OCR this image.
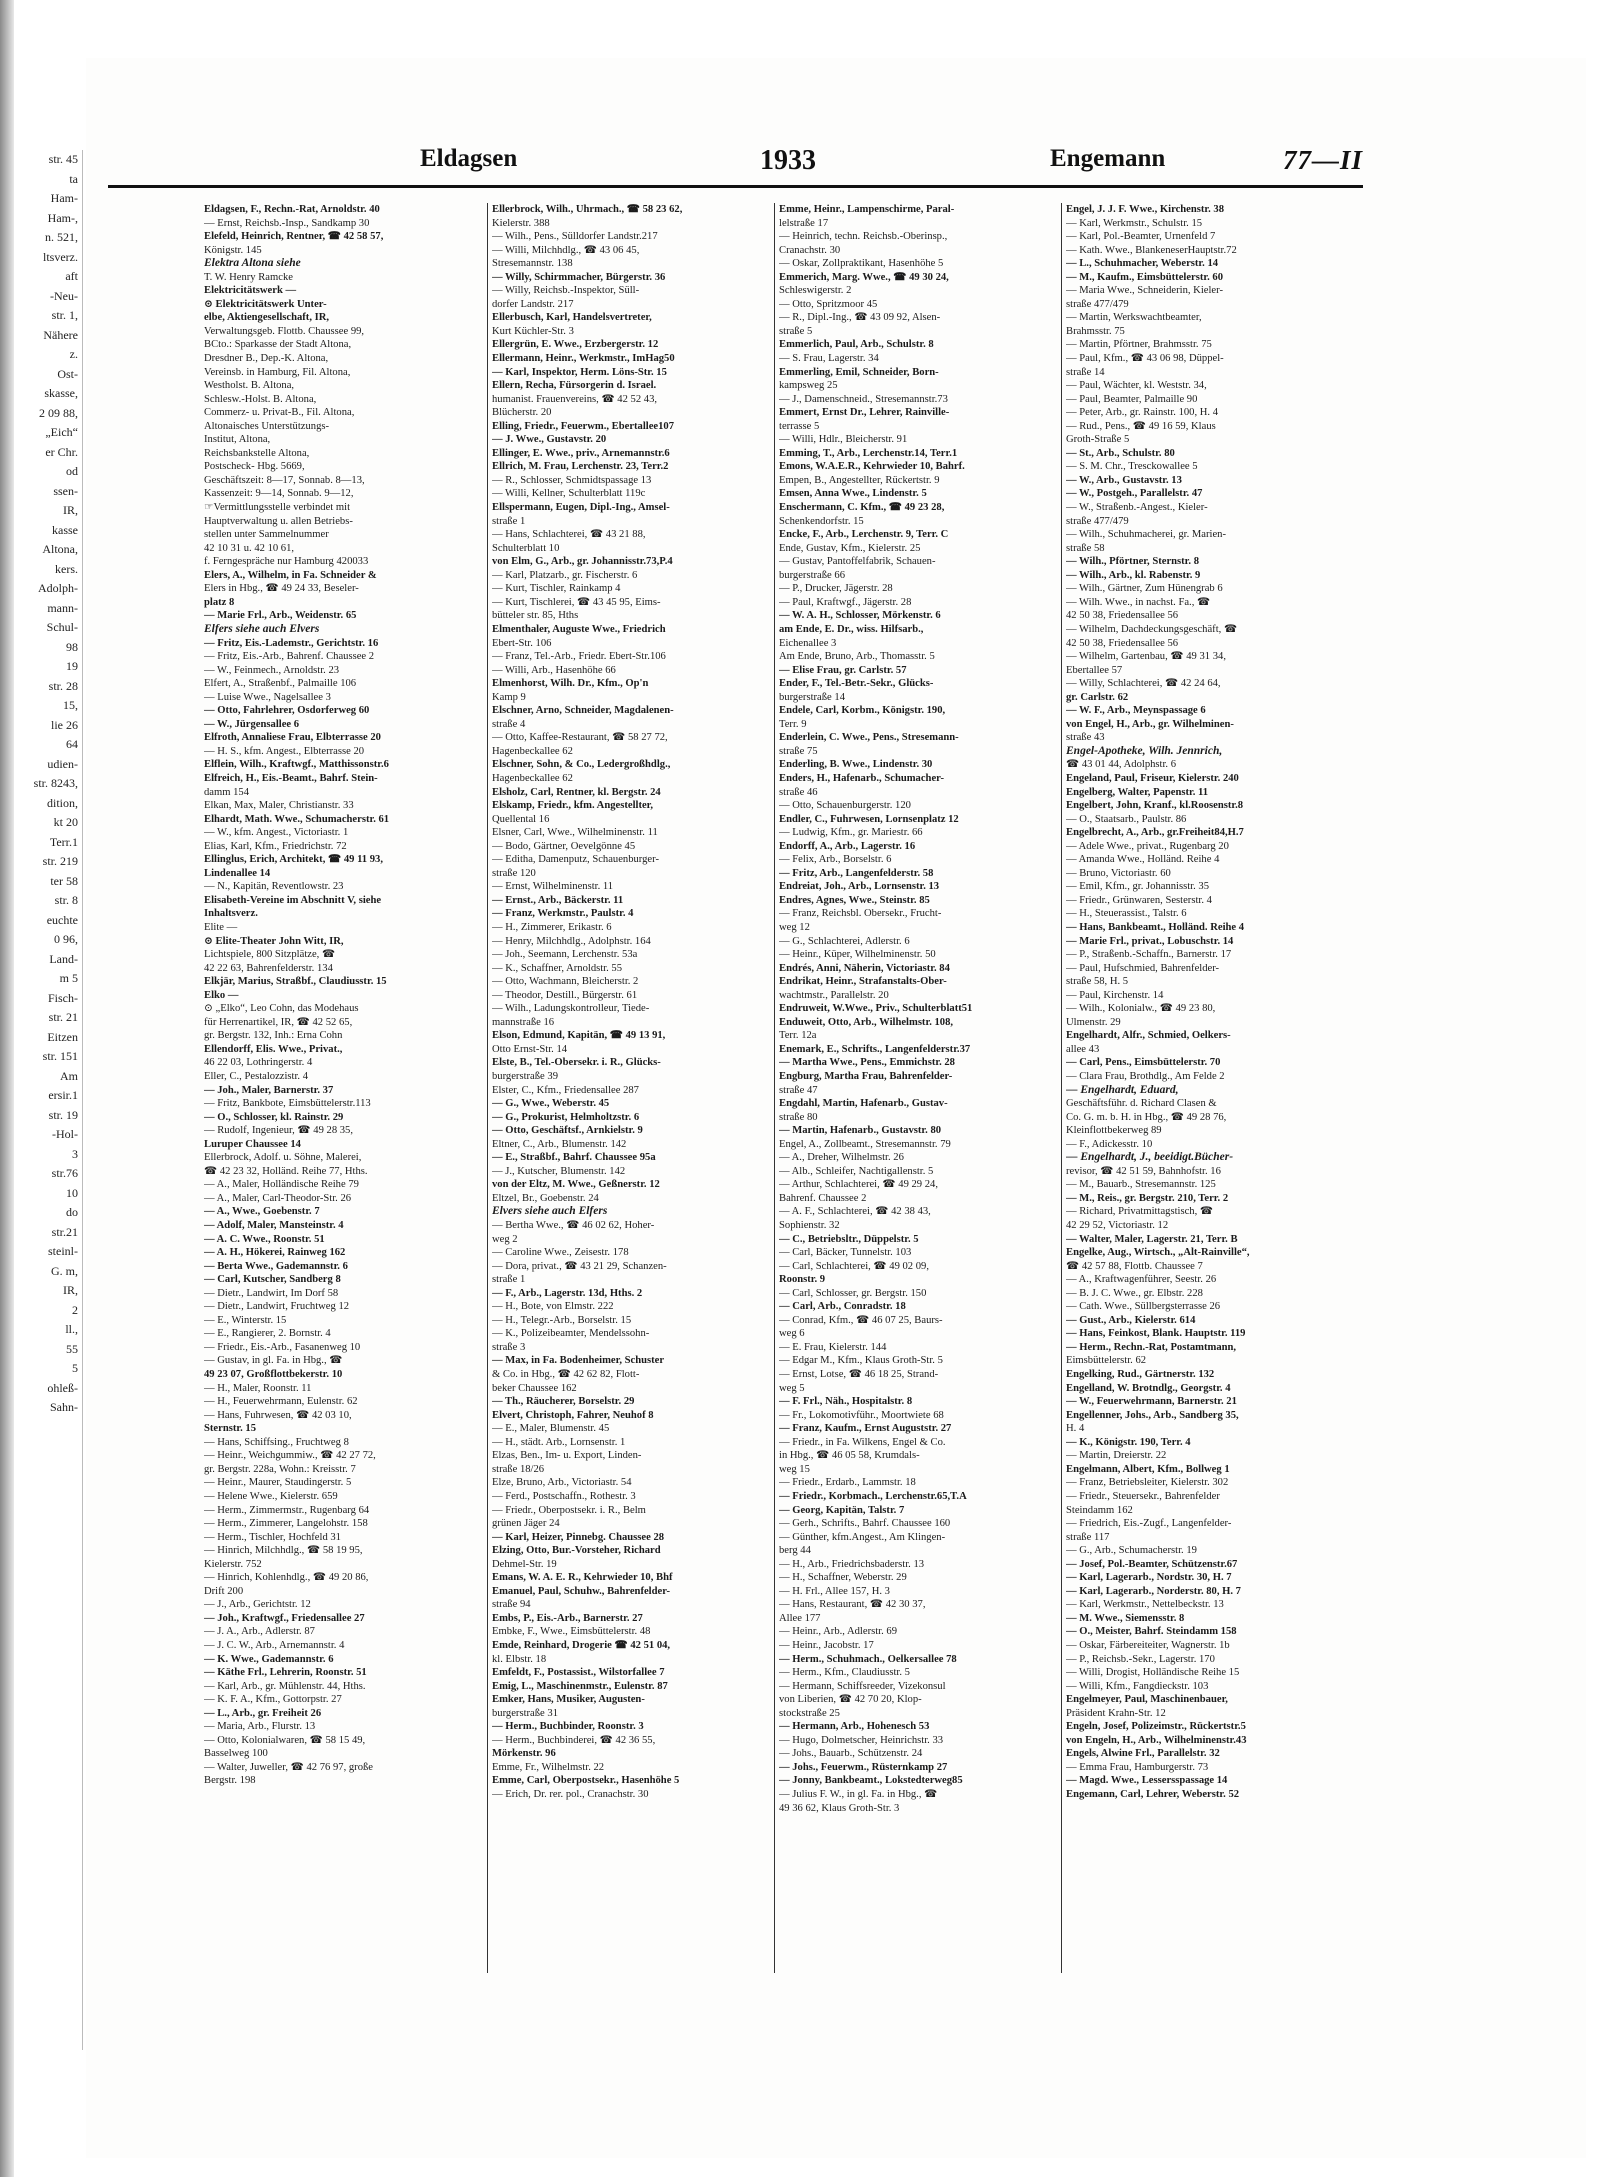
str. 45
ta
Ham-
Ham-,
n. 521,
ltsverz.
aft
-Neu-
str. 1,
Nähere
z.
Ost-
skasse,
2 09 88,
„Eich“
er Chr.
od
ssen-
IR,
kasse
Altona,
kers.
Adolph-
mann-
Schul-
98
19
str. 28
15,
lie 26
64
udien-
str. 8243,
dition,
kt 20
Terr.1
str. 219
ter 58
str. 8
euchte
0 96,
Land-
m 5
Fisch-
str. 21
Eitzen
str. 151
Am
ersir.1
str. 19
-Hol-
3
str.76
10
do
str.21
steinl-
G. m,
IR,
2
ll.,
55
5
ohleß-
Sahn-
Eldagsen	1933	Engemann	77—II
Eldagsen, F., Rechn.-Rat, Arnoldstr. 40
— Ernst, Reichsb.-Insp., Sandkamp 30
Elefeld, Heinrich, Rentner, ☎ 42 58 57,
Königstr. 145
Elektra Altona siehe
T. W. Henry Ramcke
Elektricitätswerk —
⊙ Elektricitätswerk Unter-
elbe, Aktiengesellschaft, IR,
Verwaltungsgeb. Flottb. Chaussee 99,
BCto.: Sparkasse der Stadt Altona,
Dresdner B., Dep.-K. Altona,
Vereinsb. in Hamburg, Fil. Altona,
Westholst. B. Altona,
Schlesw.-Holst. B. Altona,
Commerz- u. Privat-B., Fil. Altona,
Altonaisches Unterstützungs-
Institut, Altona,
Reichsbankstelle Altona,
Postscheck- Hbg. 5669,
Geschäftszeit: 8—17, Sonnab. 8—13,
Kassenzeit: 9—14, Sonnab. 9—12,
☞Vermittlungsstelle verbindet mit
Hauptverwaltung u. allen Betriebs-
stellen unter Sammelnummer
42 10 31 u. 42 10 61,
f. Ferngespräche nur Hamburg 420033
Elers, A., Wilhelm, in Fa. Schneider &
Elers in Hbg., ☎ 49 24 33, Beseler-
platz 8
— Marie Frl., Arb., Weidenstr. 65
Elfers siehe auch Elvers
— Fritz, Eis.-Lademstr., Gerichtstr. 16
— Fritz, Eis.-Arb., Bahrenf. Chaussee 2
— W., Feinmech., Arnoldstr. 23
Elfert, A., Straßenbf., Palmaille 106
— Luise Wwe., Nagelsallee 3
— Otto, Fahrlehrer, Osdorferweg 60
— W., Jürgensallee 6
Elfroth, Annaliese Frau, Elbterrasse 20
— H. S., kfm. Angest., Elbterrasse 20
Elflein, Wilh., Kraftwgf., Matthissonstr.6
Elfreich, H., Eis.-Beamt., Bahrf. Stein-
damm 154
Elkan, Max, Maler, Christianstr. 33
Elhardt, Math. Wwe., Schumacherstr. 61
— W., kfm. Angest., Victoriastr. 1
Elias, Karl, Kfm., Friedrichstr. 72
Ellinglus, Erich, Architekt, ☎ 49 11 93,
Lindenallee 14
— N., Kapitän, Reventlowstr. 23
Elisabeth-Vereine im Abschnitt V, siehe
Inhaltsverz.
Elite —
⊙ Elite-Theater John Witt, IR,
Lichtspiele, 800 Sitzplätze, ☎
42 22 63, Bahrenfelderstr. 134
Elkjär, Marius, Straßbf., Claudiusstr. 15
Elko —
⊙ „Elko“, Leo Cohn, das Modehaus
für Herrenartikel, IR, ☎ 42 52 65,
gr. Bergstr. 132, Inh.: Erna Cohn
Ellendorff, Elis. Wwe., Privat.,
46 22 03, Lothringerstr. 4
Eller, C., Pestalozzistr. 4
— Joh., Maler, Barnerstr. 37
— Fritz, Bankbote, Eimsbüttelerstr.113
— O., Schlosser, kl. Rainstr. 29
— Rudolf, Ingenieur, ☎ 49 28 35,
Luruper Chaussee 14
Ellerbrock, Adolf. u. Söhne, Malerei,
☎ 42 23 32, Holländ. Reihe 77, Hths.
— A., Maler, Holländische Reihe 79
— A., Maler, Carl-Theodor-Str. 26
— A., Wwe., Goebenstr. 7
— Adolf, Maler, Mansteinstr. 4
— A. C. Wwe., Roonstr. 51
— A. H., Hökerei, Rainweg 162
— Berta Wwe., Gademannstr. 6
— Carl, Kutscher, Sandberg 8
— Dietr., Landwirt, Im Dorf 58
— Dietr., Landwirt, Fruchtweg 12
— E., Winterstr. 15
— E., Rangierer, 2. Bornstr. 4
— Friedr., Eis.-Arb., Fasanenweg 10
— Gustav, in gl. Fa. in Hbg., ☎
49 23 07, Großflottbekerstr. 10
— H., Maler, Roonstr. 11
— H., Feuerwehrmann, Eulenstr. 62
— Hans, Fuhrwesen, ☎ 42 03 10,
Sternstr. 15
— Hans, Schiffsing., Fruchtweg 8
— Heinr., Weichgummiw., ☎ 42 27 72,
gr. Bergstr. 228a, Wohn.: Kreisstr. 7
— Heinr., Maurer, Staudingerstr. 5
— Helene Wwe., Kielerstr. 659
— Herm., Zimmermstr., Rugenbarg 64
— Herm., Zimmerer, Langelohstr. 158
— Herm., Tischler, Hochfeld 31
— Hinrich, Milchhdlg., ☎ 58 19 95,
Kielerstr. 752
— Hinrich, Kohlenhdlg., ☎ 49 20 86,
Drift 200
— J., Arb., Gerichtstr. 12
— Joh., Kraftwgf., Friedensallee 27
— J. A., Arb., Adlerstr. 87
— J. C. W., Arb., Arnemannstr. 4
— K. Wwe., Gademannstr. 6
— Käthe Frl., Lehrerin, Roonstr. 51
— Karl, Arb., gr. Mühlenstr. 44, Hths.
— K. F. A., Kfm., Gottorpstr. 27
— L., Arb., gr. Freiheit 26
— Maria, Arb., Flurstr. 13
— Otto, Kolonialwaren, ☎ 58 15 49,
Basselweg 100
— Walter, Juweller, ☎ 42 76 97, große
Bergstr. 198
Ellerbrock, Wilh., Uhrmach., ☎ 58 23 62,
Kielerstr. 388
— Wilh., Pens., Sülldorfer Landstr.217
— Willi, Milchhdlg., ☎ 43 06 45,
Stresemannstr. 138
— Willy, Schirmmacher, Bürgerstr. 36
— Willy, Reichsb.-Inspektor, Süll-
dorfer Landstr. 217
Ellerbusch, Karl, Handelsvertreter,
Kurt Küchler-Str. 3
Ellergrün, E. Wwe., Erzbergerstr. 12
Ellermann, Heinr., Werkmstr., ImHag50
— Karl, Inspektor, Herm. Löns-Str. 15
Ellern, Recha, Fürsorgerin d. Israel.
humanist. Frauenvereins, ☎ 42 52 43,
Blücherstr. 20
Elling, Friedr., Feuerwm., Ebertallee107
— J. Wwe., Gustavstr. 20
Ellinger, E. Wwe., priv., Arnemannstr.6
Ellrich, M. Frau, Lerchenstr. 23, Terr.2
— R., Schlosser, Schmidtspassage 13
— Willi, Kellner, Schulterblatt 119c
Ellspermann, Eugen, Dipl.-Ing., Amsel-
straße 1
— Hans, Schlachterei, ☎ 43 21 88,
Schulterblatt 10
von Elm, G., Arb., gr. Johannisstr.73,P.4
— Karl, Platzarb., gr. Fischerstr. 6
— Kurt, Tischler, Rainkamp 4
— Kurt, Tischlerei, ☎ 43 45 95, Eims-
bütteler str. 85, Hths
Elmenthaler, Auguste Wwe., Friedrich
Ebert-Str. 106
— Franz, Tel.-Arb., Friedr. Ebert-Str.106
— Willi, Arb., Hasenhöhe 66
Elmenhorst, Wilh. Dr., Kfm., Op'n
Kamp 9
Elschner, Arno, Schneider, Magdalenen-
straße 4
— Otto, Kaffee-Restaurant, ☎ 58 27 72,
Hagenbeckallee 62
Elschner, Sohn, & Co., Ledergroßhdlg.,
Hagenbeckallee 62
Elsholz, Carl, Rentner, kl. Bergstr. 24
Elskamp, Friedr., kfm. Angestellter,
Quellental 16
Elsner, Carl, Wwe., Wilhelminenstr. 11
— Bodo, Gärtner, Oevelgönne 45
— Editha, Damenputz, Schauenburger-
straße 120
— Ernst, Wilhelminenstr. 11
— Ernst., Arb., Bäckerstr. 11
— Franz, Werkmstr., Paulstr. 4
— H., Zimmerer, Erikastr. 6
— Henry, Milchhdlg., Adolphstr. 164
— Joh., Seemann, Lerchenstr. 53a
— K., Schaffner, Arnoldstr. 55
— Otto, Wachmann, Bleicherstr. 2
— Theodor, Destill., Bürgerstr. 61
— Wilh., Ladungskontrolleur, Tiede-
mannstraße 16
Elson, Edmund, Kapitän, ☎ 49 13 91,
Otto Ernst-Str. 14
Elste, B., Tel.-Obersekr. i. R., Glücks-
burgerstraße 39
Elster, C., Kfm., Friedensallee 287
— G., Wwe., Weberstr. 45
— G., Prokurist, Helmholtzstr. 6
— Otto, Geschäftsf., Arnkielstr. 9
Eltner, C., Arb., Blumenstr. 142
— E., Straßbf., Bahrf. Chaussee 95a
— J., Kutscher, Blumenstr. 142
von der Eltz, M. Wwe., Geßnerstr. 12
Eltzel, Br., Goebenstr. 24
Elvers siehe auch Elfers
— Bertha Wwe., ☎ 46 02 62, Hoher-
weg 2
— Caroline Wwe., Zeisestr. 178
— Dora, privat., ☎ 43 21 29, Schanzen-
straße 1
— F., Arb., Lagerstr. 13d, Hths. 2
— H., Bote, von Elmstr. 222
— H., Telegr.-Arb., Borselstr. 15
— K., Polizeibeamter, Mendelssohn-
straße 3
— Max, in Fa. Bodenheimer, Schuster
& Co. in Hbg., ☎ 42 62 82, Flott-
beker Chaussee 162
— Th., Räucherer, Borselstr. 29
Elvert, Christoph, Fahrer, Neuhof 8
— E., Maler, Blumenstr. 45
— H., städt. Arb., Lornsenstr. 1
Elzas, Ben., Im- u. Export, Linden-
straße 18/26
Elze, Bruno, Arb., Victoriastr. 54
— Ferd., Postschaffn., Rothestr. 3
— Friedr., Oberpostsekr. i. R., Belm
grünen Jäger 24
— Karl, Heizer, Pinnebg. Chaussee 28
Elzing, Otto, Bur.-Vorsteher, Richard
Dehmel-Str. 19
Emans, W. A. E. R., Kehrwieder 10, Bhf
Emanuel, Paul, Schuhw., Bahrenfelder-
straße 94
Embs, P., Eis.-Arb., Barnerstr. 27
Embke, F., Wwe., Eimsbüttelerstr. 48
Emde, Reinhard, Drogerie ☎ 42 51 04,
kl. Elbstr. 18
Emfeldt, F., Postassist., Wilstorfallee 7
Emig, L., Maschinenmstr., Eulenstr. 87
Emker, Hans, Musiker, Augusten-
burgerstraße 31
— Herm., Buchbinder, Roonstr. 3
— Herm., Buchbinderei, ☎ 42 36 55,
Mörkenstr. 96
Emme, Fr., Wilhelmstr. 22
Emme, Carl, Oberpostsekr., Hasenhöhe 5
— Erich, Dr. rer. pol., Cranachstr. 30
Emme, Heinr., Lampenschirme, Paral-
lelstraße 17
— Heinrich, techn. Reichsb.-Oberinsp.,
Cranachstr. 30
— Oskar, Zollpraktikant, Hasenhöhe 5
Emmerich, Marg. Wwe., ☎ 49 30 24,
Schleswigerstr. 2
— Otto, Spritzmoor 45
— R., Dipl.-Ing., ☎ 43 09 92, Alsen-
straße 5
Emmerlich, Paul, Arb., Schulstr. 8
— S. Frau, Lagerstr. 34
Emmerling, Emil, Schneider, Born-
kampsweg 25
— J., Damenschneid., Stresemannstr.73
Emmert, Ernst Dr., Lehrer, Rainville-
terrasse 5
— Willi, Hdlr., Bleicherstr. 91
Emming, T., Arb., Lerchenstr.14, Terr.1
Emons, W.A.E.R., Kehrwieder 10, Bahrf.
Empen, B., Angestellter, Rückertstr. 9
Emsen, Anna Wwe., Lindenstr. 5
Enschermann, C. Kfm., ☎ 49 23 28,
Schenkendorfstr. 15
Encke, F., Arb., Lerchenstr. 9, Terr. C
Ende, Gustav, Kfm., Kielerstr. 25
— Gustav, Pantoffelfabrik, Schauen-
burgerstraße 66
— P., Drucker, Jägerstr. 28
— Paul, Kraftwgf., Jägerstr. 28
— W. A. H., Schlosser, Mörkenstr. 6
am Ende, E. Dr., wiss. Hilfsarb.,
Eichenallee 3
Am Ende, Bruno, Arb., Thomasstr. 5
— Elise Frau, gr. Carlstr. 57
Ender, F., Tel.-Betr.-Sekr., Glücks-
burgerstraße 14
Endele, Carl, Korbm., Königstr. 190,
Terr. 9
Enderlein, C. Wwe., Pens., Stresemann-
straße 75
Enderling, B. Wwe., Lindenstr. 30
Enders, H., Hafenarb., Schumacher-
straße 46
— Otto, Schauenburgerstr. 120
Endler, C., Fuhrwesen, Lornsenplatz 12
— Ludwig, Kfm., gr. Mariestr. 66
Endorff, A., Arb., Lagerstr. 16
— Felix, Arb., Borselstr. 6
— Fritz, Arb., Langenfelderstr. 58
Endreiat, Joh., Arb., Lornsenstr. 13
Endres, Agnes, Wwe., Steinstr. 85
— Franz, Reichsbl. Obersekr., Frucht-
weg 12
— G., Schlachterei, Adlerstr. 6
— Heinr., Küper, Wilhelminenstr. 50
Endrés, Anni, Näherin, Victoriastr. 84
Endrikat, Heinr., Strafanstalts-Ober-
wachtmstr., Parallelstr. 20
Endruweit, W.Wwe., Priv., Schulterblatt51
Enduweit, Otto, Arb., Wilhelmstr. 108,
Terr. 12a
Enemark, E., Schrifts., Langenfelderstr.37
— Martha Wwe., Pens., Emmichstr. 28
Engburg, Martha Frau, Bahrenfelder-
straße 47
Engdahl, Martin, Hafenarb., Gustav-
straße 80
— Martin, Hafenarb., Gustavstr. 80
Engel, A., Zollbeamt., Stresemannstr. 79
— A., Dreher, Wilhelmstr. 26
— Alb., Schleifer, Nachtigallenstr. 5
— Arthur, Schlachterei, ☎ 49 29 24,
Bahrenf. Chaussee 2
— A. F., Schlachterei, ☎ 42 38 43,
Sophienstr. 32
— C., Betriebsltr., Düppelstr. 5
— Carl, Bäcker, Tunnelstr. 103
— Carl, Schlachterei, ☎ 49 02 09,
Roonstr. 9
— Carl, Schlosser, gr. Bergstr. 150
— Carl, Arb., Conradstr. 18
— Conrad, Kfm., ☎ 46 07 25, Baurs-
weg 6
— E. Frau, Kielerstr. 144
— Edgar M., Kfm., Klaus Groth-Str. 5
— Ernst, Lotse, ☎ 46 18 25, Strand-
weg 5
— F. Frl., Näh., Hospitalstr. 8
— Fr., Lokomotivführ., Moortwiete 68
— Franz, Kaufm., Ernst Auguststr. 27
— Friedr., in Fa. Wilkens, Engel & Co.
in Hbg., ☎ 46 05 58, Krumdals-
weg 15
— Friedr., Erdarb., Lammstr. 18
— Friedr., Korbmach., Lerchenstr.65,T.A
— Georg, Kapitän, Talstr. 7
— Gerh., Schrifts., Bahrf. Chaussee 160
— Günther, kfm.Angest., Am Klingen-
berg 44
— H., Arb., Friedrichsbaderstr. 13
— H., Schaffner, Weberstr. 29
— H. Frl., Allee 157, H. 3
— Hans, Restaurant, ☎ 42 30 37,
Allee 177
— Heinr., Arb., Adlerstr. 69
— Heinr., Jacobstr. 17
— Herm., Schuhmach., Oelkersallee 78
— Herm., Kfm., Claudiusstr. 5
— Hermann, Schiffsreeder, Vizekonsul
von Liberien, ☎ 42 70 20, Klop-
stockstraße 25
— Hermann, Arb., Hohenesch 53
— Hugo, Dolmetscher, Heinrichstr. 33
— Johs., Bauarb., Schützenstr. 24
— Johs., Feuerwm., Rüsternkamp 27
— Jonny, Bankbeamt., Lokstedterweg85
— Julius F. W., in gl. Fa. in Hbg., ☎
49 36 62, Klaus Groth-Str. 3
Engel, J. J. F. Wwe., Kirchenstr. 38
— Karl, Werkmstr., Schulstr. 15
— Karl, Pol.-Beamter, Urnenfeld 7
— Kath. Wwe., BlankeneserHauptstr.72
— L., Schuhmacher, Weberstr. 14
— M., Kaufm., Eimsbüttelerstr. 60
— Maria Wwe., Schneiderin, Kieler-
straße 477/479
— Martin, Werkswachtbeamter,
Brahmsstr. 75
— Martin, Pförtner, Brahmsstr. 75
— Paul, Kfm., ☎ 43 06 98, Düppel-
straße 14
— Paul, Wächter, kl. Weststr. 34,
— Paul, Beamter, Palmaille 90
— Peter, Arb., gr. Rainstr. 100, H. 4
— Rud., Pens., ☎ 49 16 59, Klaus
Groth-Straße 5
— St., Arb., Schulstr. 80
— S. M. Chr., Tresckowallee 5
— W., Arb., Gustavstr. 13
— W., Postgeh., Parallelstr. 47
— W., Straßenb.-Angest., Kieler-
straße 477/479
— Wilh., Schuhmacherei, gr. Marien-
straße 58
— Wilh., Pförtner, Sternstr. 8
— Wilh., Arb., kl. Rabenstr. 9
— Wilh., Gärtner, Zum Hünengrab 6
— Wilh. Wwe., in nachst. Fa., ☎
42 50 38, Friedensallee 56
— Wilhelm, Dachdeckungsgeschäft, ☎
42 50 38, Friedensallee 56
— Wilhelm, Gartenbau, ☎ 49 31 34,
Ebertallee 57
— Willy, Schlachterei, ☎ 42 24 64,
gr. Carlstr. 62
— W. F., Arb., Meynspassage 6
von Engel, H., Arb., gr. Wilhelminen-
straße 43
Engel-Apotheke, Wilh. Jennrich,
☎ 43 01 44, Adolphstr. 6
Engeland, Paul, Friseur, Kielerstr. 240
Engelberg, Walter, Papenstr. 11
Engelbert, John, Kranf., kl.Roosenstr.8
— O., Staatsarb., Paulstr. 86
Engelbrecht, A., Arb., gr.Freiheit84,H.7
— Adele Wwe., privat., Rugenbarg 20
— Amanda Wwe., Holländ. Reihe 4
— Bruno, Victoriastr. 60
— Emil, Kfm., gr. Johannisstr. 35
— Friedr., Grünwaren, Sesterstr. 4
— H., Steuerassist., Talstr. 6
— Hans, Bankbeamt., Holländ. Reihe 4
— Marie Frl., privat., Lobuschstr. 14
— P., Straßenb.-Schaffn., Barnerstr. 17
— Paul, Hufschmied, Bahrenfelder-
straße 58, H. 5
— Paul, Kirchenstr. 14
— Wilh., Kolonialw., ☎ 49 23 80,
Ulmenstr. 29
Engelhardt, Alfr., Schmied, Oelkers-
allee 43
— Carl, Pens., Eimsbüttelerstr. 70
— Clara Frau, Brothdlg., Am Felde 2
— Engelhardt, Eduard,
Geschäftsführ. d. Richard Clasen &
Co. G. m. b. H. in Hbg., ☎ 49 28 76,
Kleinflottbekerweg 89
— F., Adickesstr. 10
— Engelhardt, J., beeidigt.Bücher-
revisor, ☎ 42 51 59, Bahnhofstr. 16
— M., Bauarb., Stresemannstr. 125
— M., Reis., gr. Bergstr. 210, Terr. 2
— Richard, Privatmittagstisch, ☎
42 29 52, Victoriastr. 12
— Walter, Maler, Lagerstr. 21, Terr. B
Engelke, Aug., Wirtsch., „Alt-Rainville“,
☎ 42 57 88, Flottb. Chaussee 7
— A., Kraftwagenführer, Seestr. 26
— B. J. C. Wwe., gr. Elbstr. 228
— Cath. Wwe., Süllbergsterrasse 26
— Gust., Arb., Kielerstr. 614
— Hans, Feinkost, Blank. Hauptstr. 119
— Herm., Rechn.-Rat, Postamtmann,
Eimsbüttelerstr. 62
Engelking, Rud., Gärtnerstr. 132
Engelland, W. Brotndlg., Georgstr. 4
— W., Feuerwehrmann, Barnerstr. 21
Engellenner, Johs., Arb., Sandberg 35,
H. 4
— K., Königstr. 190, Terr. 4
— Martin, Dreierstr. 22
Engelmann, Albert, Kfm., Bollweg 1
— Franz, Betriebsleiter, Kielerstr. 302
— Friedr., Steuersekr., Bahrenfelder
Steindamm 162
— Friedrich, Eis.-Zugf., Langenfelder-
straße 117
— G., Arb., Schumacherstr. 19
— Josef, Pol.-Beamter, Schützenstr.67
— Karl, Lagerarb., Nordstr. 30, H. 7
— Karl, Lagerarb., Norderstr. 80, H. 7
— Karl, Werkmstr., Nettelbeckstr. 13
— M. Wwe., Siemensstr. 8
— O., Meister, Bahrf. Steindamm 158
— Oskar, Färbereiteiter, Wagnerstr. 1b
— P., Reichsb.-Sekr., Lagerstr. 170
— Willi, Drogist, Holländische Reihe 15
— Willi, Kfm., Fangdieckstr. 103
Engelmeyer, Paul, Maschinenbauer,
Präsident Krahn-Str. 12
Engeln, Josef, Polizeimstr., Rückertstr.5
von Engeln, H., Arb., Wilhelminenstr.43
Engels, Alwine Frl., Parallelstr. 32
— Emma Frau, Hamburgerstr. 73
— Magd. Wwe., Lessersspassage 14
Engemann, Carl, Lehrer, Weberstr. 52
